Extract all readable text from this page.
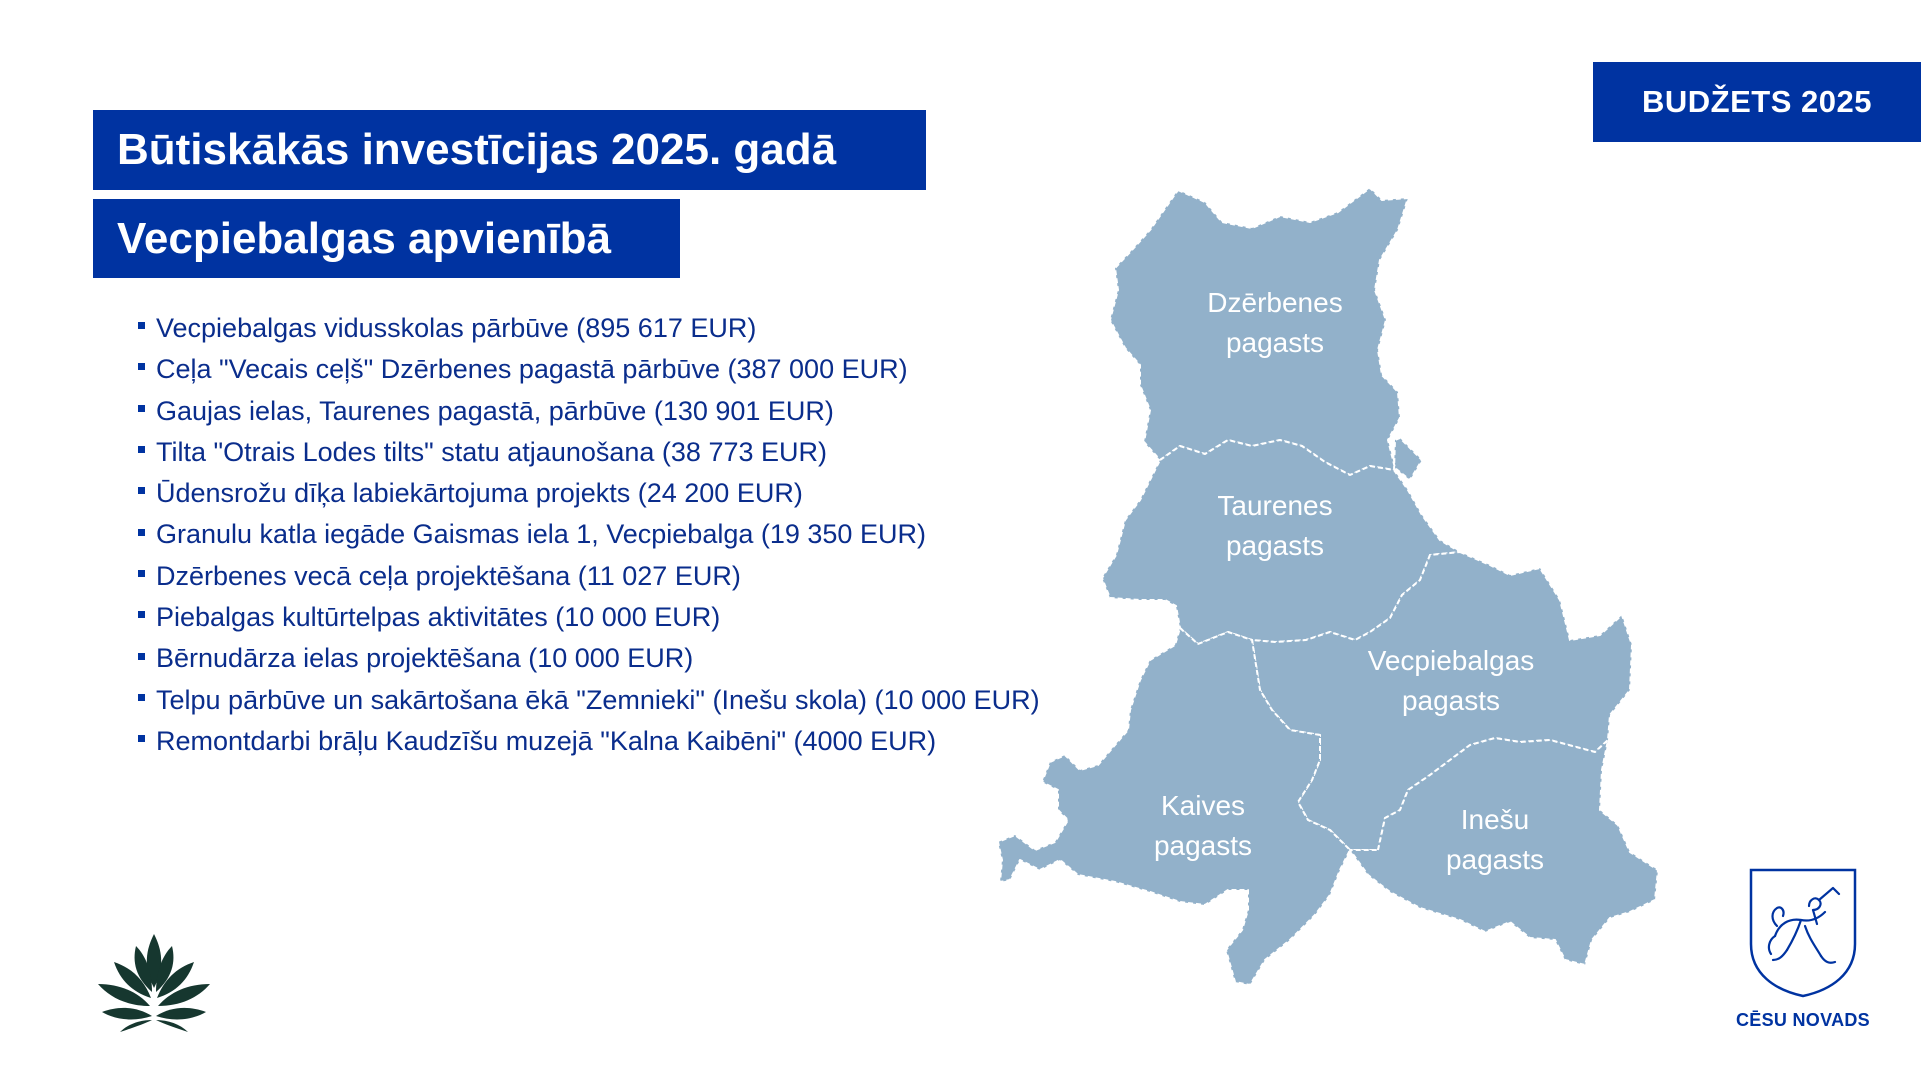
BUDŽETS 2025
Būtiskākās investīcijas 2025. gadā
Vecpiebalgas apvienībā
Vecpiebalgas vidusskolas pārbūve (895 617 EUR)
Ceļa "Vecais ceļš" Dzērbenes pagastā pārbūve (387 000 EUR)
Gaujas ielas, Taurenes pagastā, pārbūve (130 901 EUR)
Tilta "Otrais Lodes tilts" statu atjaunošana (38 773 EUR)
Ūdensrožu dīķa labiekārtojuma projekts (24 200 EUR)
Granulu katla iegāde Gaismas iela 1, Vecpiebalga (19 350 EUR)
Dzērbenes vecā ceļa projektēšana (11 027 EUR)
Piebalgas kultūrtelpas aktivitātes (10 000 EUR)
Bērnudārza ielas projektēšana (10 000 EUR)
Telpu pārbūve un sakārtošana ēkā "Zemnieki" (Inešu skola) (10 000 EUR)
Remontdarbi brāļu Kaudzīšu muzejā "Kalna Kaibēni" (4000 EUR)
Dzērbenes
pagasts
Taurenes
pagasts
Vecpiebalgas
pagasts
Kaives
pagasts
Inešu
pagasts
CĒSU NOVADS
